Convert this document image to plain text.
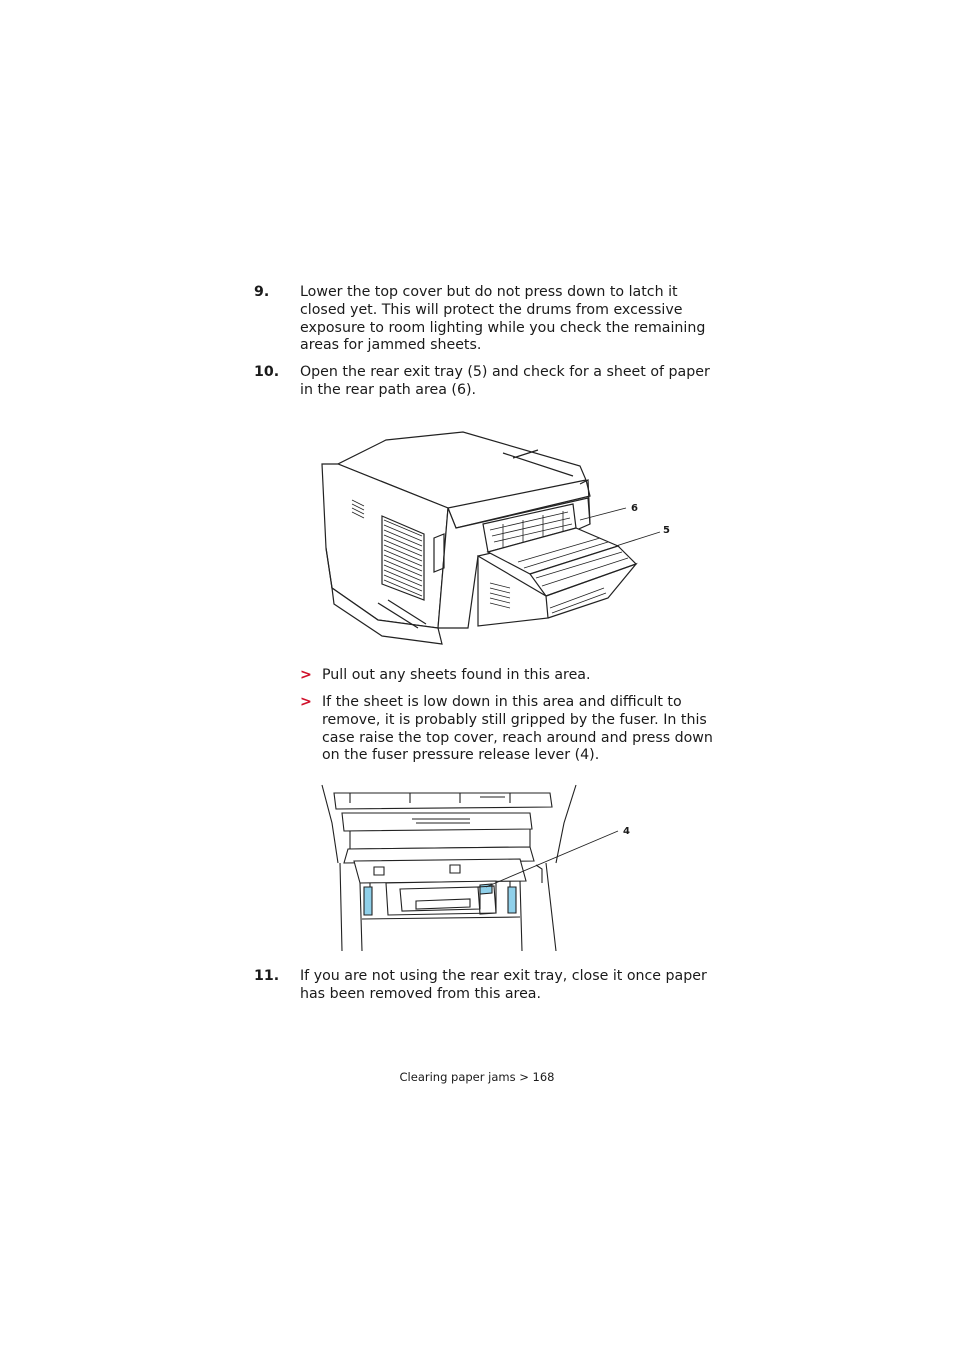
9. Lower the top cover but do not press down to latch it closed yet. This will protect the drums from excessive exposure to room lighting while you check the remaining areas for jammed sheets.
10. Open the rear exit tray (5) and check for a sheet of paper in the rear path area (6).
6
5
> Pull out any sheets found in this area.
> If the sheet is low down in this area and difficult to remove, it is probably still gripped by the fuser. In this case raise the top cover, reach around and press down on the fuser pressure release lever (4).
4
11. If you are not using the rear exit tray, close it once paper has been removed from this area.
Clearing paper jams > 168
